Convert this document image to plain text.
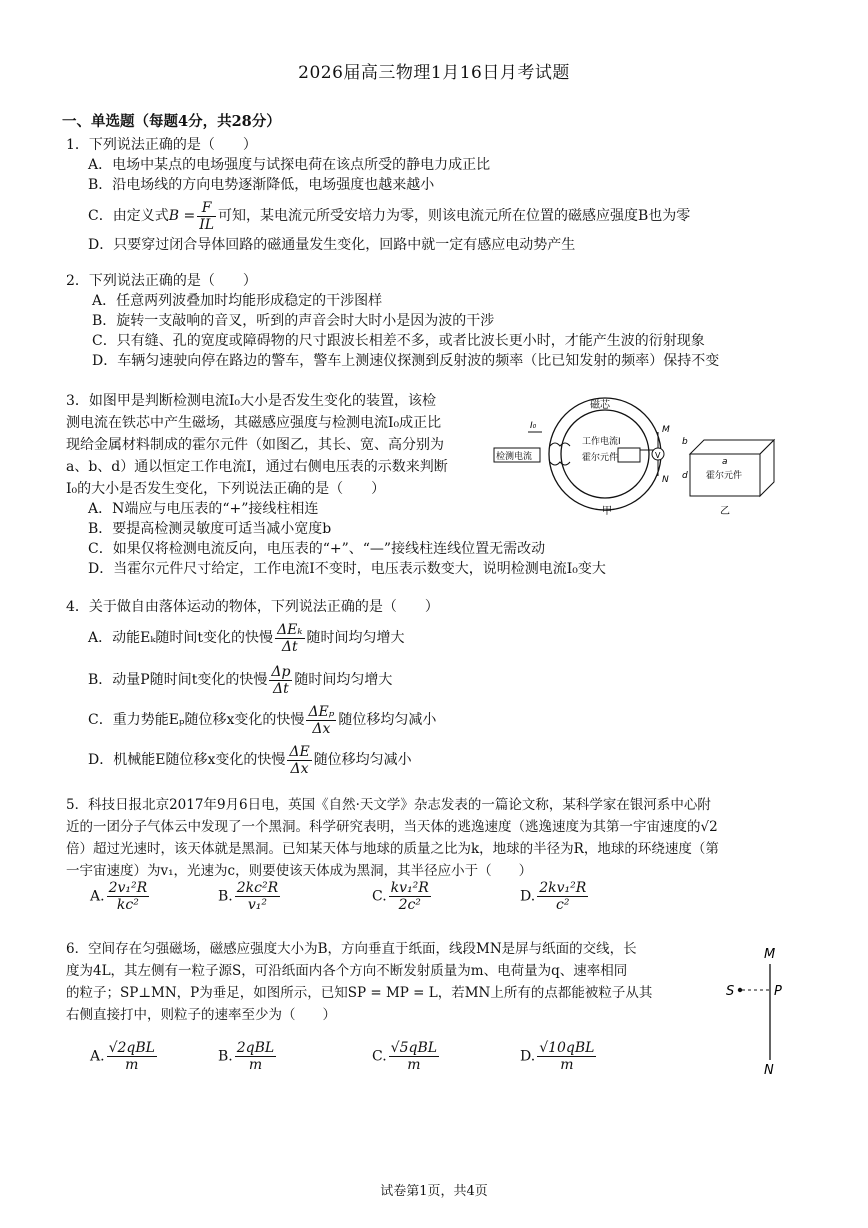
2026届高三物理1月16日月考试题
一、单选题（每题4分，共28分）
1．下列说法正确的是（　　）
A．电场中某点的电场强度与试探电荷在该点所受的静电力成正比
B．沿电场线的方向电势逐渐降低，电场强度也越来越小
C．由定义式$B = \frac{F}{IL}$ 可知，某电流元所受安培力为零，则该电流元所在位置的磁感应强度B也为零
D．只要穿过闭合导体回路的磁通量发生变化，回路中就一定有感应电动势产生
2．下列说法正确的是（　　）
A．任意两列波叠加时均能形成稳定的干涉图样
B．旋转一支敲响的音叉，听到的声音会时大时小是因为波的干涉
C．只有缝、孔的宽度或障碍物的尺寸跟波长相差不多，或者比波长更小时，才能产生波的衍射现象
D．车辆匀速驶向停在路边的警车，警车上测速仪探测到反射波的频率（比已知发射的频率）保持不变
3．如图甲是判断检测电流I₀大小是否发生变化的装置，该检
测电流在铁芯中产生磁场，其磁感应强度与检测电流I₀成正比
现给金属材料制成的霍尔元件（如图乙，其长、宽、高分别为
a、b、d）通以恒定工作电流I，通过右侧电压表的示数来判断
I₀的大小是否发生变化，下列说法正确的是（　　）
A．N端应与电压表的“+”接线柱相连
B．要提高检测灵敏度可适当减小宽度b
C．如果仅将检测电流反向，电压表的“+”、“—”接线柱连线位置无需改动
D．当霍尔元件尺寸给定，工作电流I不变时，电压表示数变大，说明检测电流I₀变大
磁芯
I₀
检测电流
工作电流I
霍尔元件	V
M
N
甲
b
d
a
霍尔元件
乙
4．关于做自由落体运动的物体，下列说法正确的是（　　）
A．动能Eₖ随时间t变化的快慢 $\frac{\text{ΔEₖ}}{\Delta t}$ 随时间均匀增大
B．动量P随时间t变化的快慢 $\frac{\Delta p}{\Delta t}$ 随时间均匀增大
C．重力势能Eₚ随位移x变化的快慢 $\frac{\text{ΔEₚ}}{\Delta x}$ 随位移均匀减小
D．机械能E随位移x变化的快慢 $\frac{\Delta E}{\Delta x}$ 随位移均匀减小
5．科技日报北京2017年9月6日电，英国《自然·天文学》杂志发表的一篇论文称，某科学家在银河系中心附
近的一团分子气体云中发现了一个黑洞。科学研究表明，当天体的逃逸速度（逃逸速度为其第一宇宙速度的√2
倍）超过光速时，该天体就是黑洞。已知某天体与地球的质量之比为k，地球的半径为R，地球的环绕速度（第
一宇宙速度）为v₁，光速为c，则要使该天体成为黑洞，其半径应小于（　　）
A. $\frac{\text{2v₁²R}}{\text{kc²}}$	B. $\frac{\text{2kc²R}}{\text{v₁²}}$	C. $\frac{\text{kv₁²R}}{\text{2c²}}$	D. $\frac{\text{2kv₁²R}}{\text{c²}}$
6．空间存在匀强磁场，磁感应强度大小为B，方向垂直于纸面，线段MN是屏与纸面的交线，长
度为4L，其左侧有一粒子源S，可沿纸面内各个方向不断发射质量为m、电荷量为q、速率相同
的粒子；SP⊥MN，P为垂足，如图所示，已知SP = MP = L，若MN上所有的点都能被粒子从其
右侧直接打中，则粒子的速率至少为（　　）
A. $\frac{\text{√2qBL}}{m}$	B. $\frac{\text{2qBL}}{m}$	C. $\frac{\text{√5qBL}}{m}$	D. $\frac{\text{√10qBL}}{m}$
M
S	P
N
试卷第1页，共4页
